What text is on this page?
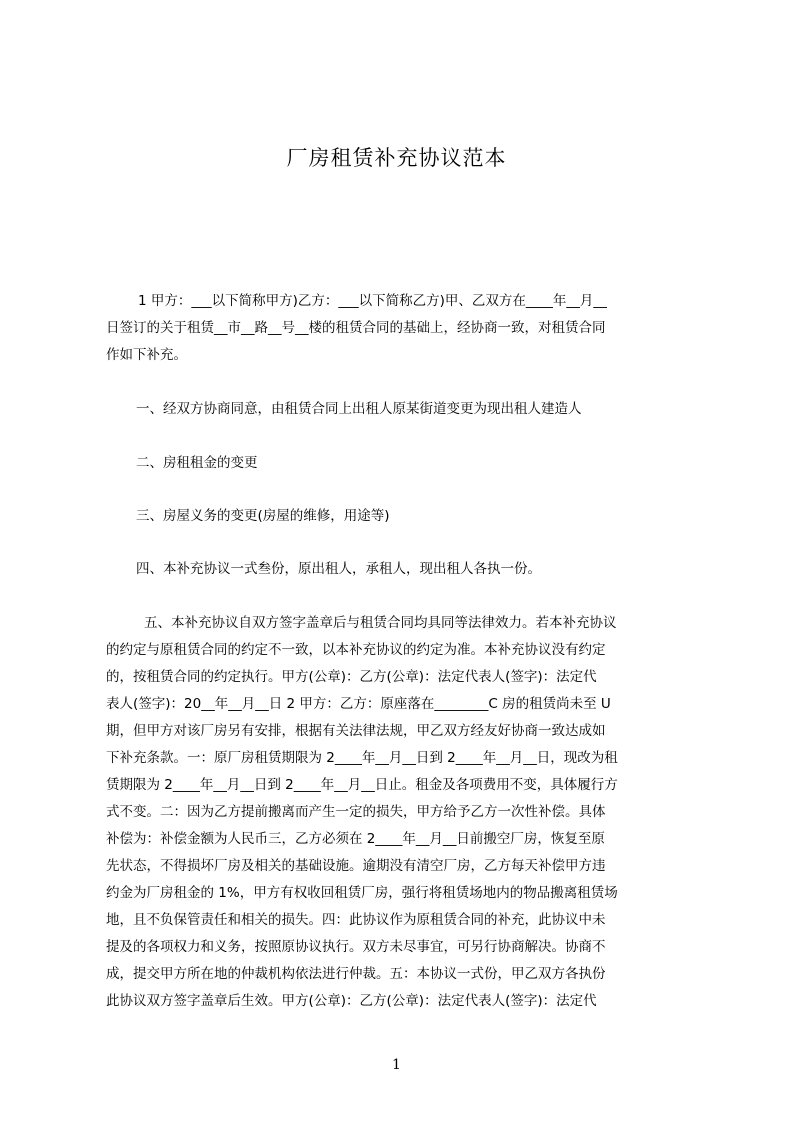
厂房租赁补充协议范本
1 甲方：___以下简称甲方)乙方：___以下简称乙方)甲、乙双方在____年__月__
日签订的关于租赁__市__路__号__楼的租赁合同的基础上，经协商一致，对租赁合同
作如下补充。
一、经双方协商同意，由租赁合同上出租人原某街道变更为现出租人建造人
二、房租租金的变更
三、房屋义务的变更(房屋的维修，用途等)
四、本补充协议一式叁份，原出租人，承租人，现出租人各执一份。
五、本补充协议自双方签字盖章后与租赁合同均具同等法律效力。若本补充协议
的约定与原租赁合同的约定不一致，以本补充协议的约定为准。本补充协议没有约定
的，按租赁合同的约定执行。甲方(公章)：乙方(公章)：法定代表人(签字)：法定代
表人(签字)：20__年__月__日 2 甲方：乙方：原座落在________C 房的租赁尚未至 U
期，但甲方对该厂房另有安排，根据有关法律法规，甲乙双方经友好协商一致达成如
下补充条款。一：原厂房租赁期限为 2____年__月__日到 2____年__月__日，现改为租
赁期限为 2____年__月__日到 2____年__月__日止。租金及各项费用不变，具体履行方
式不变。二：因为乙方提前搬离而产生一定的损失，甲方给予乙方一次性补偿。具体
补偿为：补偿金额为人民币三，乙方必须在 2____年__月__日前搬空厂房，恢复至原
先状态，不得损坏厂房及相关的基础设施。逾期没有清空厂房，乙方每天补偿甲方违
约金为厂房租金的 1%，甲方有权收回租赁厂房，强行将租赁场地内的物品搬离租赁场
地，且不负保管责任和相关的损失。四：此协议作为原租赁合同的补充，此协议中未
提及的各项权力和义务，按照原协议执行。双方未尽事宜，可另行协商解决。协商不
成，提交甲方所在地的仲裁机构依法进行仲裁。五：本协议一式份，甲乙双方各执份
此协议双方签字盖章后生效。甲方(公章)：乙方(公章)：法定代表人(签字)：法定代
1
